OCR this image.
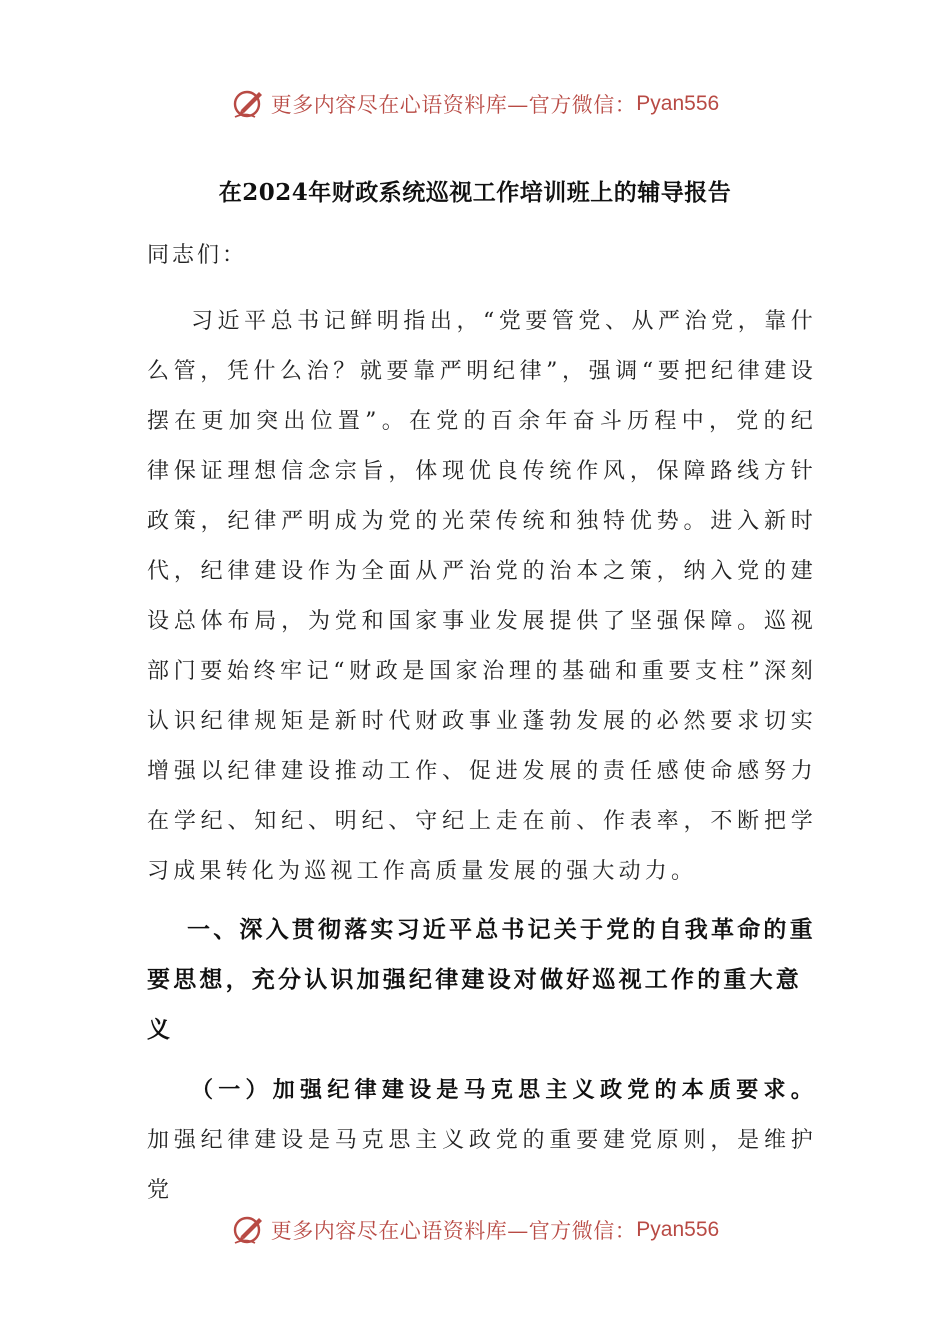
更多内容尽在心语资料库—官方微信： Pyan556
在2024年财政系统巡视工作培训班上的辅导报告
同志们：

习近平总书记鲜明指出，“党要管党、从严治党，靠什么管，凭什么治？就要靠严明纪律”，强调“要把纪律建设摆在更加突出位置”。在党的百余年奋斗历程中，党的纪律保证理想信念宗旨，体现优良传统作风，保障路线方针政策，纪律严明成为党的光荣传统和独特优势。进入新时代，纪律建设作为全面从严治党的治本之策，纳入党的建设总体布局，为党和国家事业发展提供了坚强保障。巡视部门要始终牢记“财政是国家治理的基础和重要支柱”深刻认识纪律规矩是新时代财政事业蓬勃发展的必然要求切实增强以纪律建设推动工作、促进发展的责任感使命感努力在学纪、知纪、明纪、守纪上走在前、作表率，不断把学习成果转化为巡视工作高质量发展的强大动力。

一、深入贯彻落实习近平总书记关于党的自我革命的重要思想，充分认识加强纪律建设对做好巡视工作的重大意义

（一）加强纪律建设是马克思主义政党的本质要求。加强纪律建设是马克思主义政党的重要建党原则，是维护党

更多内容尽在心语资料库—官方微信： Pyan556
